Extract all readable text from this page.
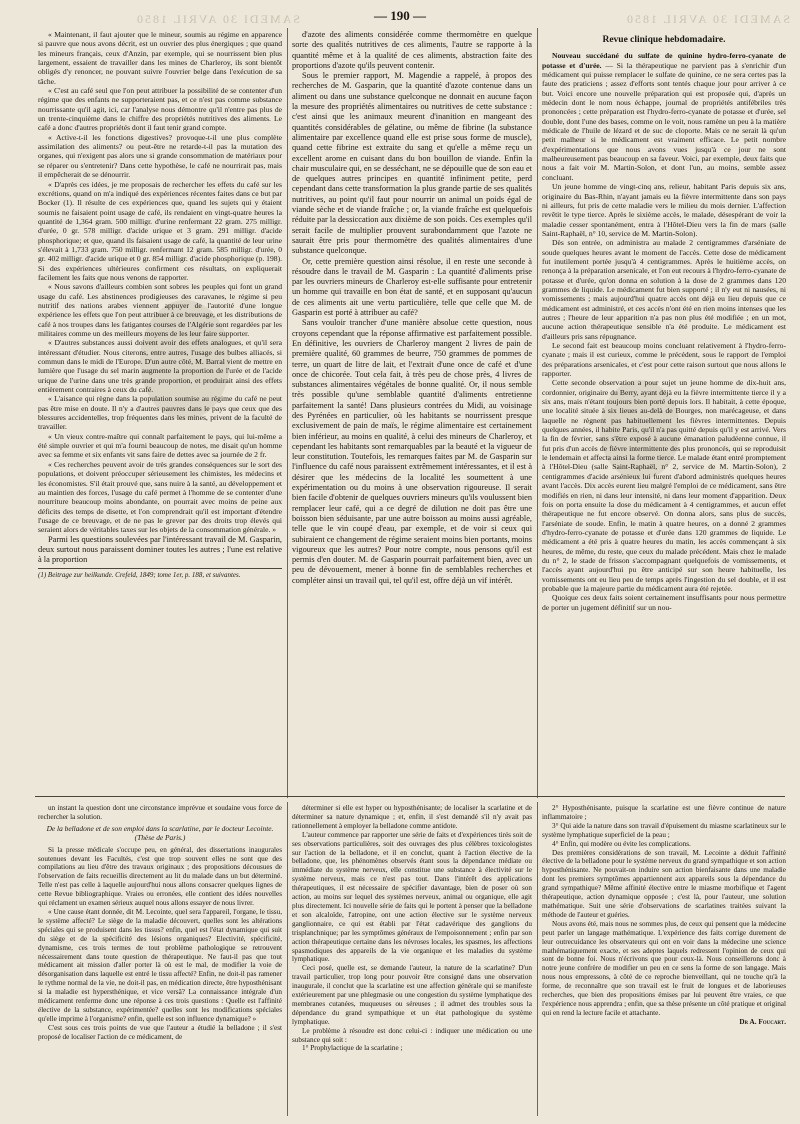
SAMEDI 30 AVRIL 1850	SAMEDI 30 AVRIL 1850
— 190 —

« Maintenant, il faut ajouter que le mineur, soumis au régime en apparence si pauvre que nous avons décrit, est un ouvrier des plus énergiques ; que quand les mineurs français, ceux d'Anzin, par exemple, qui se nourrissent bien plus largement, essaient de travailler dans les mines de Charleroy, ils sont bientôt obligés d'y renoncer, ne pouvant suivre l'ouvrier belge dans l'exécution de sa tâche.

« C'est au café seul que l'on peut attribuer la possibilité de se contenter d'un régime que des enfants ne supporteraient pas, et ce n'est pas comme substance nourrissante qu'il agit, ici, car l'analyse nous démontre qu'il n'entre pas plus de un trente-cinquième dans le chiffre des propriétés nutritives des aliments. Le café a donc d'autres propriétés dont il faut tenir grand compte.

« Active-t-il les fonctions digestives? provoque-t-il une plus complète assimilation des aliments? ou peut-être ne retarde-t-il pas la mutation des organes, qui n'exigent pas alors une si grande consommation de matériaux pour se réparer ou s'entretenir? Dans cette hypothèse, le café ne nourrirait pas, mais il empêcherait de se dénourrir.

« D'après ces idées, je me proposais de rechercher les effets du café sur les excrétions, quand on m'a indiqué des expériences récentes faites dans ce but par Bocker (1). Il résulte de ces expériences que, quand les sujets qui y étaient soumis ne faisaient point usage de café, ils rendaient en vingt-quatre heures la quantité de 1,364 gram. 500 milligr. d'urine renfermant 22 gram. 275 milligr. d'urée, 0 gr. 578 milligr. d'acide urique et 3 gram. 291 milligr. d'acide phosphorique; et que, quand ils faisaient usage de café, la quantité de leur urine s'élevait à 1,733 gram. 750 milligr. renfermant 12 gram. 585 milligr. d'urée, 0 gr. 402 milligr. d'acide urique et 0 gr. 854 milligr. d'acide phosphorique (p. 198). Si des expériences ultérieures confirment ces résultats, on expliquerait facilement les faits que nous venons de rapporter.

« Nous savons d'ailleurs combien sont sobres les peuples qui font un grand usage du café. Les abstinences prodigieuses des caravanes, le régime si peu nutritif des nations arabes viennent appuyer de l'autorité d'une longue expérience les effets que l'on peut attribuer à ce breuvage, et les distributions de café à nos troupes dans les fatigantes courses de l'Algérie sont regardées par les militaires comme un des meilleurs moyens de les leur faire supporter.

« D'autres substances aussi doivent avoir des effets analogues, et qu'il sera intéressant d'étudier. Nous citerons, entre autres, l'usage des bulbes alliacés, si commun dans le midi de l'Europe. D'un autre côté, M. Barral vient de mettre en lumière que l'usage du sel marin augmente la proportion de l'urée et de l'acide urique de l'urine dans une très grande proportion, et produirait ainsi des effets entièrement contraires à ceux du café.

« L'aisance qui règne dans la population soumise au régime du café ne peut pas être mise en doute. Il n'y a d'autres pauvres dans le pays que ceux que des blessures accidentelles, trop fréquentes dans les mines, privent de la faculté de travailler.

« Un vieux contre-maître qui connaît parfaitement le pays, qui lui-même a été simple ouvrier et qui m'a fourni beaucoup de notes, me disait qu'un homme avec sa femme et six enfants vit sans faire de dettes avec sa journée de 2 fr.

« Ces recherches peuvent avoir de très grandes conséquences sur le sort des populations, et doivent préoccuper sérieusement les chimistes, les médecins et les économistes. S'il était prouvé que, sans nuire à la santé, au développement et au maintien des forces, l'usage du café permet à l'homme de se contenter d'une nourriture beaucoup moins abondante, on pourrait avec moins de peine aux déficits des temps de disette, et l'on comprendrait qu'il est important d'étendre l'usage de ce breuvage, et de ne pas le grever par des droits trop élevés qui seraient alors de véritables taxes sur les objets de la consommation générale. »

Parmi les questions soulevées par l'intéressant travail de M. Gasparin, deux surtout nous paraissent dominer toutes les autres ; l'une est relative à la proportion

(1) Beitrage zur heilkunde. Crefeld, 1849; tome 1er, p. 188, et suivantes.

d'azote des aliments considérée comme thermomètre en quelque sorte des qualités nutritives de ces aliments, l'autre se rapporte à la quantité même et à la qualité de ces aliments, abstraction faite des proportions d'azote qu'ils peuvent contenir.

Sous le premier rapport, M. Magendie a rappelé, à propos des recherches de M. Gasparin, que la quantité d'azote contenue dans un aliment ou dans une substance quelconque ne donnait en aucune façon la mesure des propriétés alimentaires ou nutritives de cette substance : c'est ainsi que les animaux meurent d'inanition en mangeant des quantités considérables de gélatine, ou même de fibrine (la substance alimentaire par excellence quand elle est prise sous forme de muscle), quand cette fibrine est extraite du sang et qu'elle a même reçu un excellent arome en cuisant dans du bon bouillon de viande. Enfin la chair musculaire qui, en se desséchant, ne se dépouille que de son eau et de quelques autres principes en quantité infiniment petite, perd cependant dans cette transformation la plus grande partie de ses qualités nutritives, au point qu'il faut pour nourrir un animal un poids égal de viande sèche et de viande fraîche ; or, la viande fraîche est quelquefois réduite par la dessiccation aux dixième de son poids. Ces exemples qu'il serait facile de multiplier prouvent surabondamment que l'azote ne saurait être pris pour thermomètre des qualités alimentaires d'une substance quelconque.

Or, cette première question ainsi résolue, il en reste une seconde à résoudre dans le travail de M. Gasparin : La quantité d'aliments prise par les ouvriers mineurs de Charleroy est-elle suffisante pour entretenir un homme qui travaille en bon état de santé, et en supposant qu'aucun de ces aliments ait une vertu particulière, telle que celle que M. de Gasparin est porté à attribuer au café?

Sans vouloir trancher d'une manière absolue cette question, nous croyons cependant que la réponse affirmative est parfaitement possible. En définitive, les ouvriers de Charleroy mangent 2 livres de pain de première qualité, 60 grammes de beurre, 750 grammes de pommes de terre, un quart de litre de lait, et l'extrait d'une once de café et d'une once de chicorée. Tout cela fait, à très peu de chose près, 4 livres de substances alimentaires végétales de bonne qualité. Or, il nous semble très possible qu'une semblable quantité d'aliments entretienne parfaitement la santé! Dans plusieurs contrées du Midi, au voisinage des Pyrénées en particulier, où les habitants se nourrissent presque exclusivement de pain de maïs, le régime alimentaire est certainement bien inférieur, au moins en qualité, à celui des mineurs de Charleroy, et cependant les habitants sont remarquables par la beauté et la vigueur de leur constitution. Toutefois, les remarques faites par M. de Gasparin sur l'influence du café nous paraissent extrêmement intéressantes, et il est à désirer que les médecins de la localité les soumettent à une expérimentation ou du moins à une observation rigoureuse. Il serait bien facile d'obtenir de quelques ouvriers mineurs qu'ils voulussent bien remplacer leur café, qui a ce degré de dilution ne doit pas être une boisson bien séduisante, par une autre boisson au moins aussi agréable, telle que le vin coupé d'eau, par exemple, et de voir si ceux qui subiraient ce changement de régime seraient moins bien portants, moins vigoureux que les autres? Pour notre compte, nous pensons qu'il est permis d'en douter. M. de Gasparin pourrait parfaitement bien, avec un peu de dévouement, mener à bonne fin de semblables recherches et compléter ainsi un travail qui, tel qu'il est, offre déjà un vif intérêt.

Revue clinique hebdomadaire.

Nouveau succédané du sulfate de quinine hydro-ferro-cyanate de potasse et d'urée. — Si la thérapeutique ne parvient pas à s'enrichir d'un médicament qui puisse remplacer le sulfate de quinine, ce ne sera certes pas la faute des praticiens ; assez d'efforts sont tentés chaque jour pour arriver à ce but. Voici encore une nouvelle préparation qui est proposée qui, d'après un médecin dont le nom nous échappe, journal de propriétés antifébriles très prononcées ; cette préparation est l'hydro-ferro-cyanate de potasse et d'urée, sel double, dont l'une des bases, comme on le voit, nous ramène un peu à la matière médicale de l'huile de lézard et de suc de cloporte. Mais ce ne serait là qu'un petit malheur si le médicament est vraiment efficace. Le petit nombre d'expérimentations que nous avons vues jusqu'à ce jour ne sont malheureusement pas beaucoup en sa faveur. Voici, par exemple, deux faits que nous a fait voir M. Martin-Solon, et dont l'un, au moins, semble assez concluant.

Un jeune homme de vingt-cinq ans, relieur, habitant Paris depuis six ans, originaire du Bas-Rhin, n'ayant jamais eu la fièvre intermittente dans son pays ni ailleurs, fut pris de cette maladie vers le milieu du mois dernier. L'affection revêtit le type tierce. Après le sixième accès, le malade, désespérant de voir la maladie cesser spontanément, entra à l'Hôtel-Dieu vers la fin de mars (salle Saint-Raphaël, n° 10, service de M. Martin-Solon).

Dès son entrée, on administra au malade 2 centigrammes d'arséniate de soude quelques heures avant le moment de l'accès. Cette dose de médicament fut inutilement portée jusqu'à 4 centigrammes. Après le huitième accès, on renonça à la préparation arsenicale, et l'on eut recours à l'hydro-ferro-cyanate de potasse et d'urée, qu'on donna en solution à la dose de 2 grammes dans 120 grammes de liquide. Le médicament fut bien supporté ; il n'y eut ni nausées, ni vomissements ; mais aujourd'hui quatre accès ont déjà eu lieu depuis que ce médicament est administré, et ces accès n'ont été en rien moins intenses que les autres ; l'heure de leur apparition n'a pas non plus été modifiée ; en un mot, aucune action thérapeutique sensible n'a été produite. Le médicament est d'ailleurs pris sans répugnance.

Le second fait est beaucoup moins concluant relativement à l'hydro-ferro-cyanate ; mais il est curieux, comme le précédent, sous le rapport de l'emploi des préparations arsenicales, et c'est pour cette raison surtout que nous allons le rapporter.

Cette seconde observation a pour sujet un jeune homme de dix-huit ans, cordonnier, originaire du Berry, ayant déjà eu la fièvre intermittente tierce il y a six ans, mais n'étant toujours bien porté depuis lors. Il habitait, à cette époque, une localité située à six lieues au-delà de Bourges, non marécageuse, et dans laquelle ne règnent pas habituellement les fièvres intermittentes. Depuis quelques années, il habite Paris, qu'il n'a pas quitté depuis qu'il y est arrivé. Vers la fin de février, sans s'être exposé à aucune émanation paludéenne connue, il fut pris d'un accès de fièvre intermittente des plus prononcés, qui se reproduisit le lendemain et affecta ainsi la forme tierce. Le malade étant entré promptement à l'Hôtel-Dieu (salle Saint-Raphaël, n° 2, service de M. Martin-Solon), 2 centigrammes d'acide arsénieux lui furent d'abord administrés quelques heures avant l'accès. Dix accès eurent lieu malgré l'emploi de ce médicament, sans être modifiés en rien, ni dans leur intensité, ni dans leur moment d'apparition. Deux fois on porta ensuite la dose du médicament à 4 centigrammes, et aucun effet thérapeutique ne fut encore observé. On donna alors, sans plus de succès, l'arséniate de soude. Enfin, le matin à quatre heures, on a donné 2 grammes d'hydro-ferro-cyanate de potasse et d'urée dans 120 grammes de liquide. Le médicament a été pris à quatre heures du matin, les accès commençant à six heures, de même, du reste, que ceux du malade précédent. Mais chez le malade du n° 2, le stade de frisson s'accompagnant quelquefois de vomissements, et l'accès ayant aujourd'hui pu être anticipé sur son heure habituelle, les vomissements ont eu lieu peu de temps après l'ingestion du sel double, et il est probable que la majeure partie du médicament aura été rejetée.

Quoique ces deux faits soient certainement insuffisants pour nous permettre de porter un jugement définitif sur un nou-

un instant la question dont une circonstance imprévue et soudaine vous force de rechercher la solution.

De la belladone et de son emploi dans la scarlatine, par le docteur Lecointe. (Thèse de Paris.)

Si la presse médicale s'occupe peu, en général, des dissertations inaugurales soutenues devant les Facultés, c'est que trop souvent elles ne sont que des compilations au lieu d'être des travaux originaux ; des propositions décousues de l'observation de faits recueillis directement au lit du malade dans un but déterminé. Telle n'est pas celle à laquelle aujourd'hui nous allons consacrer quelques lignes de cette Revue bibliographique. Vraies ou erronées, elle contient des idées nouvelles qui réclament un examen sérieux auquel nous allons essayer de nous livrer.

« Une cause étant donnée, dit M. Lecointe, quel sera l'appareil, l'organe, le tissu, le système affecté? Le siège de la maladie découvert, quelles sont les altérations spéciales qui se produisent dans les tissus? enfin, quel est l'état dynamique qui suit du siège et de la spécificité des lésions organiques? Electivité, spécificité, dynamisme, ces trois termes de tout problème pathologique se retrouvent nécessairement dans toute question de thérapeutique. Ne faut-il pas que tout médicament ait mission d'aller porter là où est le mal, de modifier la voie de désorganisation dans laquelle est entré le tissu affecté? Enfin, ne doit-il pas ramener le rythme normal de la vie, ne doit-il pas, en médication directe, être hyposthénisant si la maladie est hypersthénique, et vice versâ? La connaissance intégrale d'un médicament renferme donc une réponse à ces trois questions : Quelle est l'affinité élective de la substance, expérimentée? quelles sont les modifications spéciales qu'elle imprime à l'organisme? enfin, quelle est son influence dynamique? »

C'est sous ces trois points de vue que l'auteur a étudié la belladone ; il s'est proposé de localiser l'action de ce médicament, de

déterminer si elle est hyper ou hyposthénisante; de localiser la scarlatine et de déterminer sa nature dynamique ; et, enfin, il s'est demandé s'il n'y avait pas rationnellement à employer la belladone comme antidote.

L'auteur commence par rapporter une série de faits et d'expériences tirés soit de ses observations particulières, soit des ouvrages des plus célèbres toxicologistes sur l'action de la belladone, et il en conclut, quant à l'action élective de la belladone, que, les phénomènes observés étant sous la dépendance médiate ou immédiate du système nerveux, elle constitue une substance à électivité sur le système nerveux, mais ce n'est pas tout. Dans l'intérêt des applications thérapeutiques, il est nécessaire de spécifier davantage, bien de poser où son action, au moins sur lequel des systèmes nerveux, animal ou organique, elle agit plus directement. Ici nouvelle série de faits qui le portent à penser que la belladone et son alcaloïde, l'atropine, ont une action élective sur le système nerveux ganglionnaire, ce qui est établi par l'état cadavérique des ganglions du trisplanchnique; par les symptômes généraux de l'empoisonnement ; enfin par son action thérapeutique certaine dans les névroses locales, les spasmes, les affections spasmodiques des appareils de la vie organique et les maladies du système lymphatique.

Ceci posé, quelle est, se demande l'auteur, la nature de la scarlatine? D'un travail particulier, trop long pour pouvoir être consigné dans une observation inaugurale, il conclut que la scarlatine est une affection générale qui se manifeste extérieurement par une phlegmasie ou une congestion du système lymphatique des membranes cutanées, muqueuses ou séreuses ; il admet des troubles sous la dépendance du grand sympathique et un état pathologique du système lymphatique.

Le problème à résoudre est donc celui-ci : indiquer une médication ou une substance qui soit :

1° Prophylactique de la scarlatine ;

2° Hyposthénisante, puisque la scarlatine est une fièvre continue de nature inflammatoire ;

3° Qui aide la nature dans son travail d'épuisement du miasme scarlatineux sur le système lymphatique superficiel de la peau ;

4° Enfin, qui modère ou évite les complications.

Des premières considérations de son travail, M. Lecointe a déduit l'affinité élective de la belladone pour le système nerveux du grand sympathique et son action hyposthénisante. Ne pouvait-on induire son action bienfaisante dans une maladie dont les premiers symptômes appartiennent aux appareils sous la dépendance du grand sympathique? Même affinité élective entre le miasme morbifique et l'agent thérapeutique, action dynamique opposée ; c'est là, pour l'auteur, une solution mathématique. Suit une série d'observations de scarlatines traitées suivant la méthode de l'auteur et guéries.

Nous avons été, mais nous ne sommes plus, de ceux qui pensent que la médecine peut parler un langage mathématique. L'expérience des faits corrige durement de leur outrecuidance les observateurs qui ont en voir dans la médecine une science mathématiquement exacte, et ses adeptes laquels redressent l'opinion de ceux qui sont de bonne foi. Nous n'écrivons que pour ceux-là. Nous conseillerons donc à notre jeune confrère de modifier un peu en ce sens la forme de son langage. Mais nous nous empressons, à côté de ce reproche bienveillant, qui ne touche qu'à la forme, de reconnaître que son travail est le fruit de longues et de laborieuses recherches, que bien des propositions émises par lui peuvent être vraies, ce que l'expérience nous apprendra ; enfin, que sa thèse présente un côté pratique et original qui en rend la lecture facile et attachante.

Dr A. Foucart.
